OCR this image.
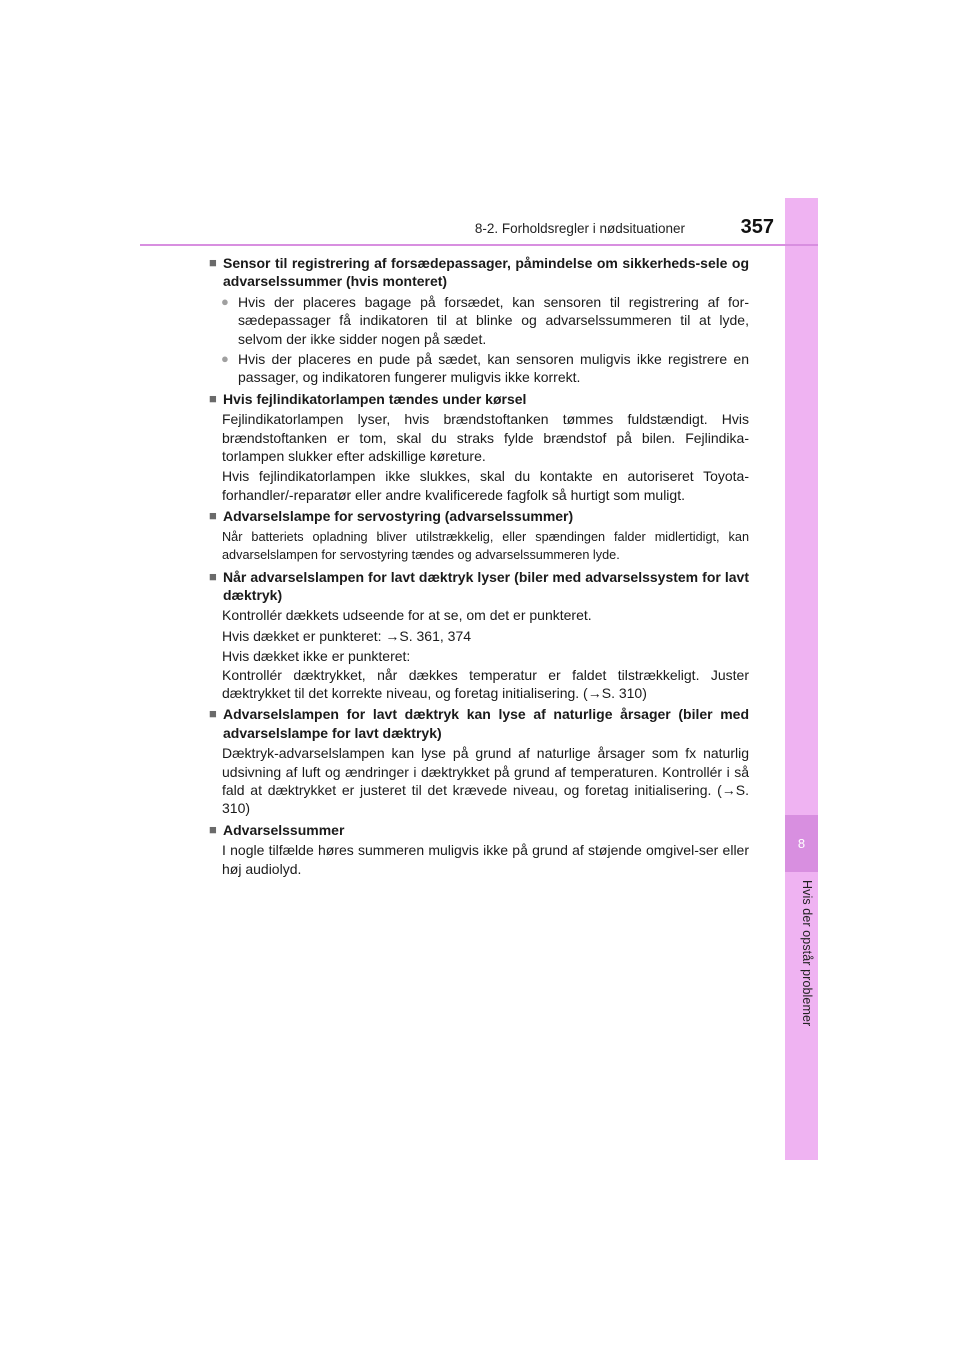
8
Hvis der opstår problemer
8-2. Forholdsregler i nødsituationer	357
■ Sensor til registrering af forsædepassager, påmindelse om sikkerheds-sele og advarselssummer (hvis monteret)
● Hvis der placeres bagage på forsædet, kan sensoren til registrering af for-sædepassager få indikatoren til at blinke og advarselssummeren til at lyde, selvom der ikke sidder nogen på sædet.
● Hvis der placeres en pude på sædet, kan sensoren muligvis ikke registrere en passager, og indikatoren fungerer muligvis ikke korrekt.
■ Hvis fejlindikatorlampen tændes under kørsel
Fejlindikatorlampen lyser, hvis brændstoftanken tømmes fuldstændigt. Hvis brændstoftanken er tom, skal du straks fylde brændstof på bilen. Fejlindika-torlampen slukker efter adskillige køreture.
Hvis fejlindikatorlampen ikke slukkes, skal du kontakte en autoriseret Toyota-forhandler/-reparatør eller andre kvalificerede fagfolk så hurtigt som muligt.
■ Advarselslampe for servostyring (advarselssummer)
Når batteriets opladning bliver utilstrækkelig, eller spændingen falder midlertidigt, kan advarselslampen for servostyring tændes og advarselssummeren lyde.
■ Når advarselslampen for lavt dæktryk lyser (biler med advarselssystem for lavt dæktryk)
Kontrollér dækkets udseende for at se, om det er punkteret.
Hvis dækket er punkteret: →S. 361, 374
Hvis dækket ikke er punkteret:
Kontrollér dæktrykket, når dækkes temperatur er faldet tilstrækkeligt. Juster dæktrykket til det korrekte niveau, og foretag initialisering. (→S. 310)
■ Advarselslampen for lavt dæktryk kan lyse af naturlige årsager (biler med advarselslampe for lavt dæktryk)
Dæktryk-advarselslampen kan lyse på grund af naturlige årsager som fx naturlig udsivning af luft og ændringer i dæktrykket på grund af temperaturen. Kontrollér i så fald at dæktrykket er justeret til det krævede niveau, og foretag initialisering. (→S. 310)
■ Advarselssummer
I nogle tilfælde høres summeren muligvis ikke på grund af støjende omgivel-ser eller høj audiolyd.
